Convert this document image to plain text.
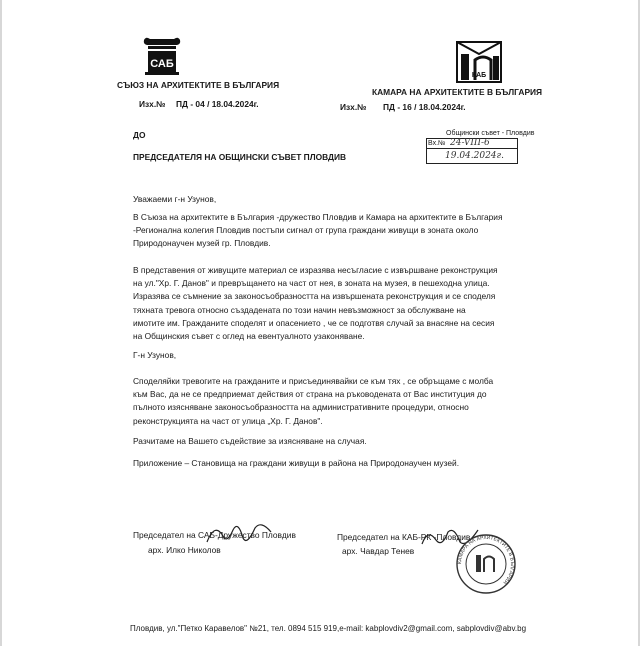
САБ
КАБ
СЪЮЗ НА АРХИТЕКТИТЕ В БЪЛГАРИЯ
КАМАРА НА АРХИТЕКТИТЕ В БЪЛГАРИЯ
Изх.№ ПД - 04 / 18.04.2024г.	Изх.№ ПД - 16 / 18.04.2024г.
Общински съвет - Пловдив
Вх.№ 24-VIII-6
19.04.2024г.
ДО
ПРЕДСЕДАТЕЛЯ НА ОБЩИНСКИ СЪВЕТ ПЛОВДИВ
Уважаеми г-н Узунов,
В Съюза на архитектите в България -дружество Пловдив и Камара на архитектите в България
-Регионална колегия Пловдив постъпи сигнал от група граждани живущи в зоната около
Природонаучен музей гр. Пловдив.
В представения от живущите материал се изразява несъгласие с извършване реконструкция
на ул."Хр. Г. Данов" и превръщането на част от нея, в зоната на музея, в пешеходна улица.
Изразява се съмнение за законосъобразността на извършената реконструкция и се споделя
тяхната тревога относно създадената по този начин невъзможност за обслужване на
имотите им. Гражданите споделят и опасението , че се подготвя случай за внасяне на сесия
на Общинския съвет с оглед на евентуалното узаконяване.
Г-н Узунов,
Споделяйки тревогите на гражданите и присъединявайки се към тях , се обръщаме с молба
към Вас, да не се предприемат действия от страна на ръководената от Вас институция до
пълното изясняване законосъобразността на административните процедури, относно
реконструкцията на част от улица „Хр. Г. Данов".
Разчитаме на Вашето съдействие за изясняване на случая.
Приложение – Становища на граждани живущи в района на Природонаучен музей.
Председател на САБ-Дружество Пловдив
арх. Илко Николов
Председател на КАБ-РК -Пловдив
арх. Чавдар Тенев
КАМАРА НА АРХИТЕКТИТЕ В БЪЛГАРИЯ
Пловдив, ул."Петко Каравелов" №21, тел. 0894 515 919,e-mail: kabplovdiv2@gmail.com, sabplovdiv@abv.bg
